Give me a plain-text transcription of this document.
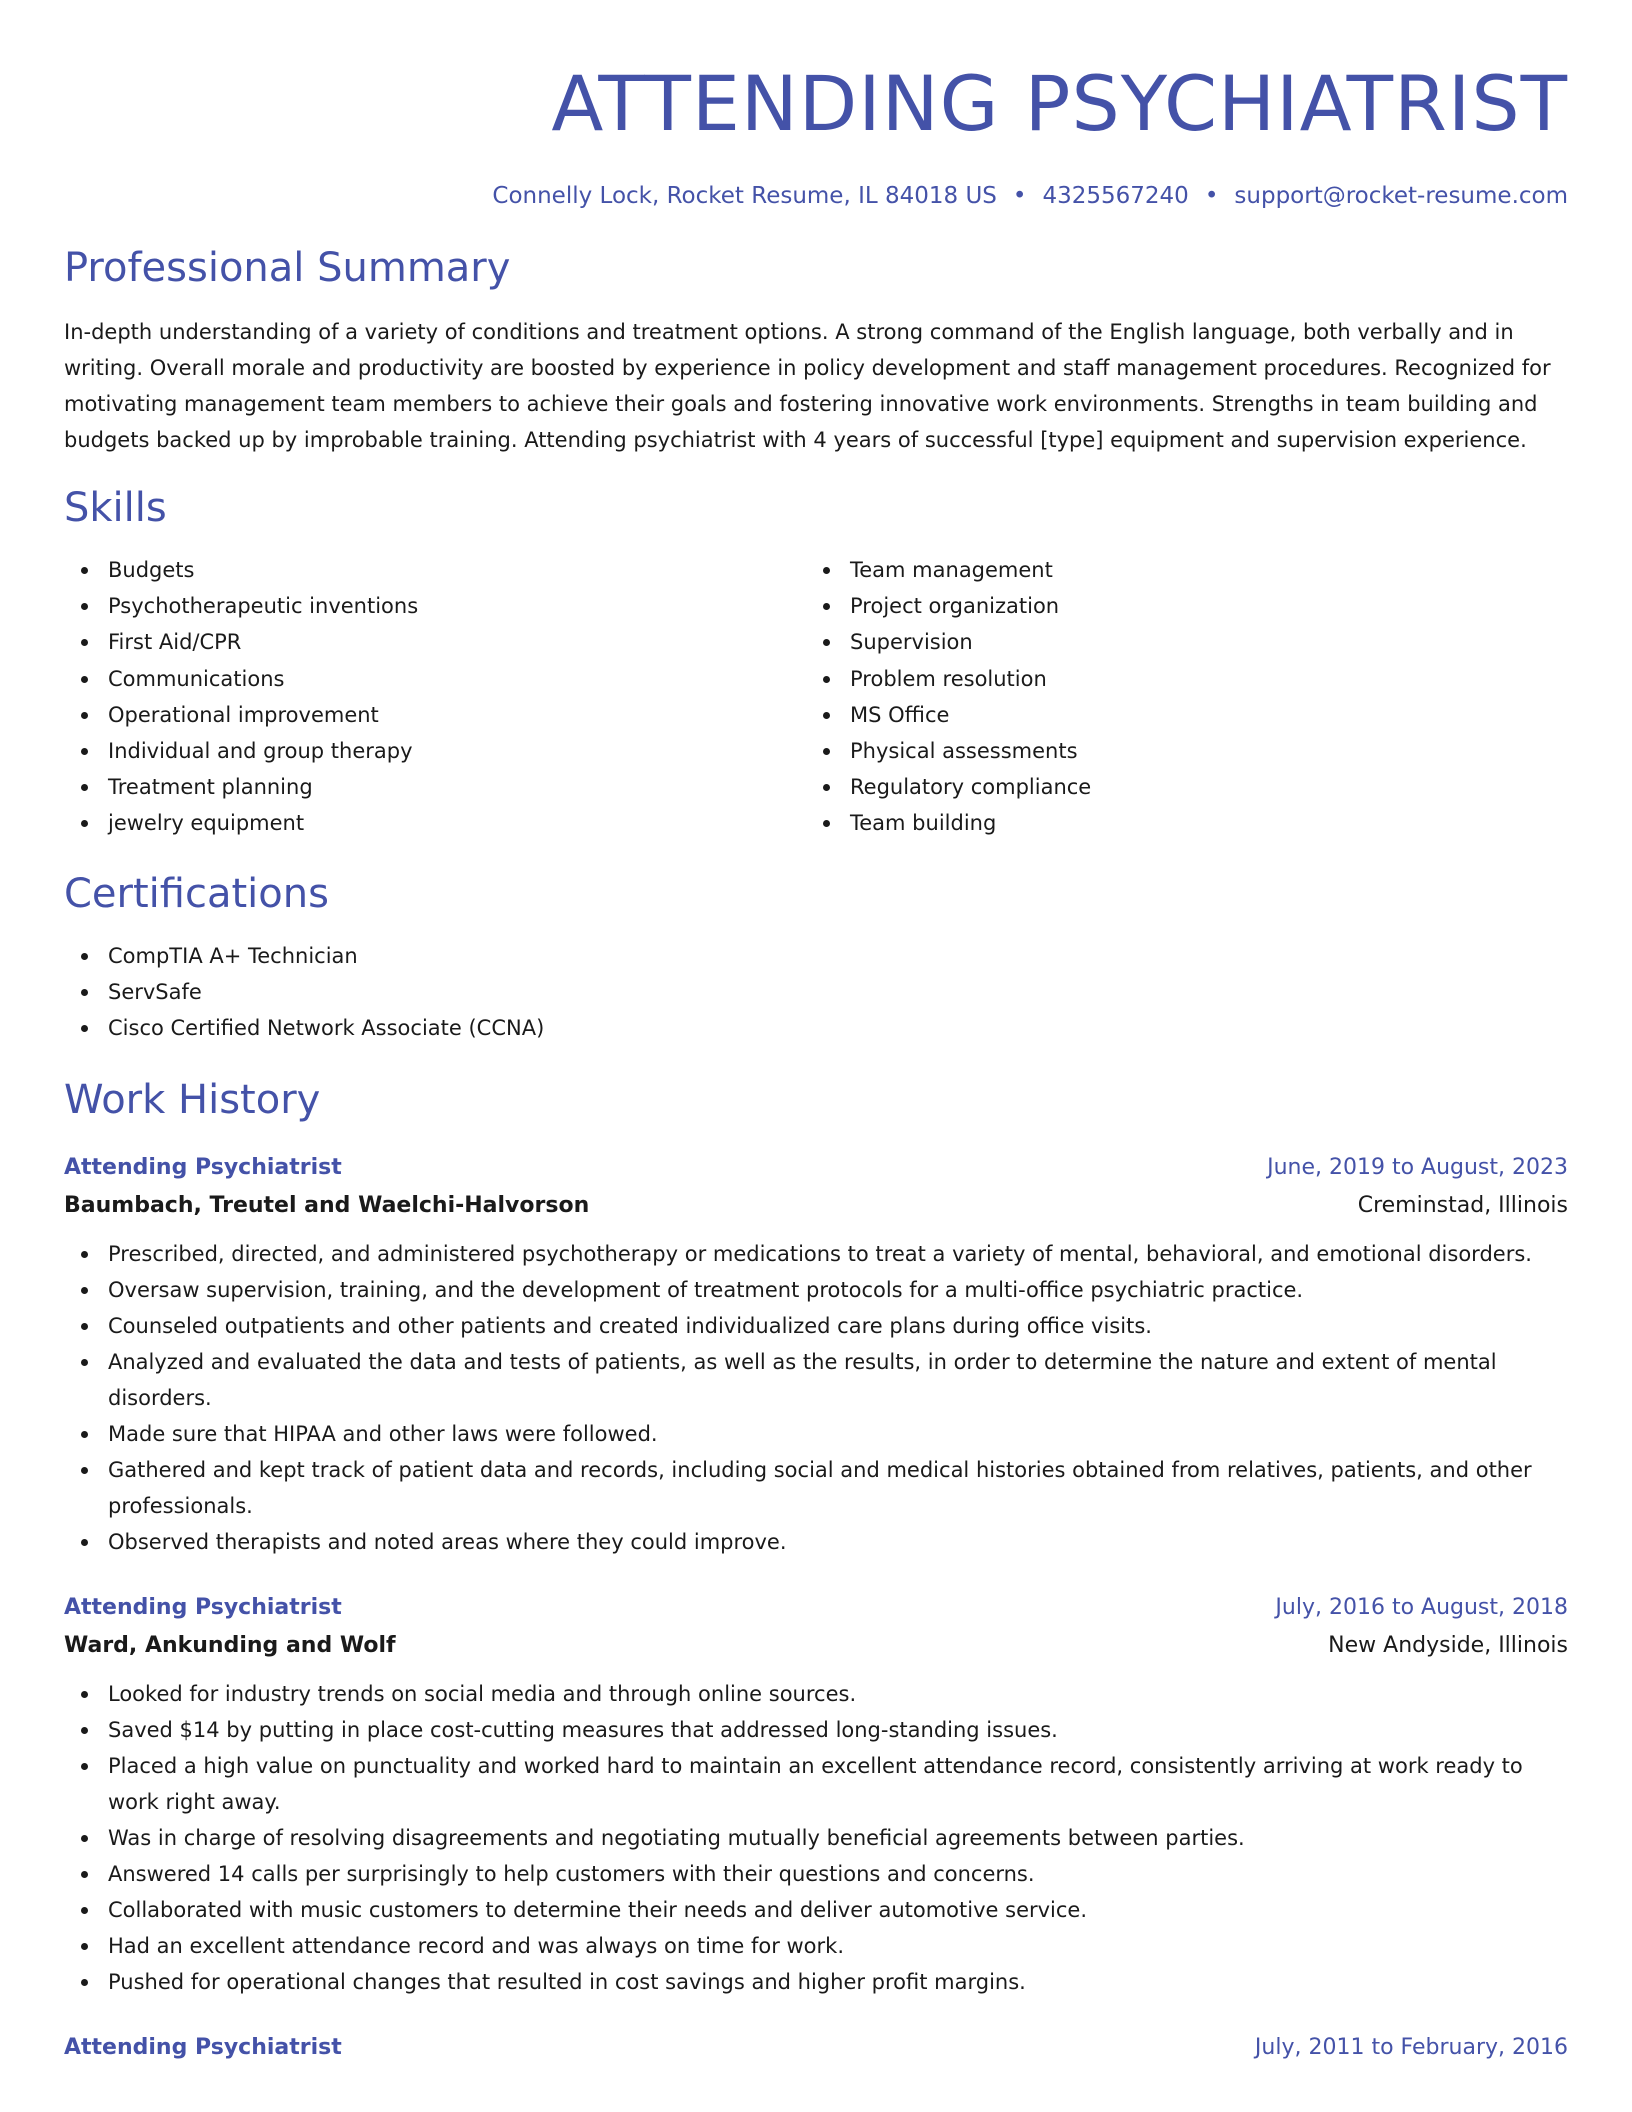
ATTENDING PSYCHIATRIST
Connelly Lock, Rocket Resume, IL 84018 US • 4325567240 • support@rocket-resume.com
Professional Summary

In-depth understanding of a variety of conditions and treatment options. A strong command of the English language, both verbally and in writing. Overall morale and productivity are boosted by experience in policy development and staff management procedures. Recognized for motivating management team members to achieve their goals and fostering innovative work environments. Strengths in team building and budgets backed up by improbable training. Attending psychiatrist with 4 years of successful [type] equipment and supervision experience.

Skills
Budgets
Psychotherapeutic inventions
First Aid/CPR
Communications
Operational improvement
Individual and group therapy
Treatment planning
jewelry equipment
Team management
Project organization
Supervision
Problem resolution
MS Office
Physical assessments
Regulatory compliance
Team building
Certifications
CompTIA A+ Technician
ServSafe
Cisco Certified Network Associate (CCNA)
Work History
Attending Psychiatrist	June, 2019 to August, 2023
Baumbach, Treutel and Waelchi-Halvorson	Creminstad, Illinois
Prescribed, directed, and administered psychotherapy or medications to treat a variety of mental, behavioral, and emotional disorders.
Oversaw supervision, training, and the development of treatment protocols for a multi-office psychiatric practice.
Counseled outpatients and other patients and created individualized care plans during office visits.
Analyzed and evaluated the data and tests of patients, as well as the results, in order to determine the nature and extent of mental disorders.
Made sure that HIPAA and other laws were followed.
Gathered and kept track of patient data and records, including social and medical histories obtained from relatives, patients, and other professionals.
Observed therapists and noted areas where they could improve.
Attending Psychiatrist	July, 2016 to August, 2018
Ward, Ankunding and Wolf	New Andyside, Illinois
Looked for industry trends on social media and through online sources.
Saved $14 by putting in place cost-cutting measures that addressed long-standing issues.
Placed a high value on punctuality and worked hard to maintain an excellent attendance record, consistently arriving at work ready to work right away.
Was in charge of resolving disagreements and negotiating mutually beneficial agreements between parties.
Answered 14 calls per surprisingly to help customers with their questions and concerns.
Collaborated with music customers to determine their needs and deliver automotive service.
Had an excellent attendance record and was always on time for work.
Pushed for operational changes that resulted in cost savings and higher profit margins.
Attending Psychiatrist	July, 2011 to February, 2016
